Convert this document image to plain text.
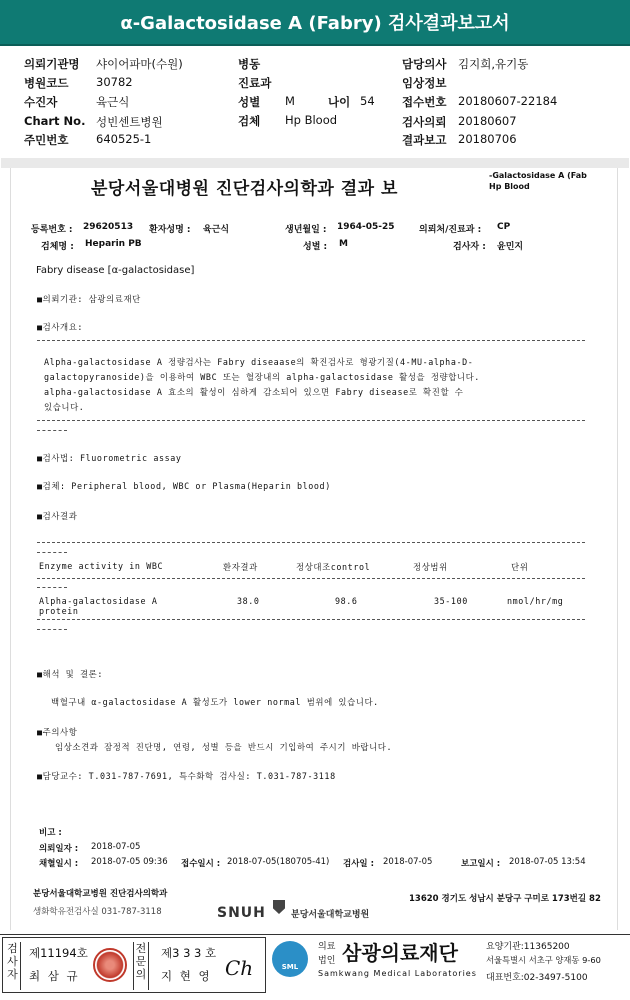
α-Galactosidase A (Fabry) 검사결과보고서
의뢰기관명 샤이어파마(수원)
병원코드 30782
수진자	육근식
Chart No. 성빈센트병원
주민번호 640525-1
병동
진료과
성별 M	나이 54
검체 Hp Blood
담당의사 김지희,유기동
임상정보
접수번호 20180607-22184
검사의뢰 20180607
결과보고 20180706
분당서울대병원 진단검사의학과 결과 보
-Galactosidase A (Fab
Hp Blood
등록번호 : 29620513 환자성명 : 육근식	생년월일 : 1964-05-25	의뢰처/진료과 : CP
검체명 : Heparin PB	성별 : M	검사자 : 윤민지
Fabry disease [α-galactosidase]
■의뢰기관: 삼광의료재단
■검사개요:
Alpha-galactosidase A 정량검사는 Fabry diseaase의 확진검사로 형광기질(4-MU-alpha-D-
galactopyranoside)을 이용하여 WBC 또는 혈장내의 alpha-galactosidase 활성을 정량합니다.
alpha-galactosidase A 효소의 활성이 심하게 감소되어 있으면 Fabry disease로 확진할 수
있습니다.
■검사법: Fluorometric assay
■검체: Peripheral blood, WBC or Plasma(Heparin blood)
■검사결과
Enzyme activity in WBC	환자결과	정상대조control	정상범위	단위
Alpha-galactosidase A	38.0	98.6	35-100	nmol/hr/mg
protein
■해석 및 결론:
백혈구내 α-galactosidase A 활성도가 lower normal 범위에 있습니다.
■주의사항
임상소견과 잠정적 진단명, 연령, 성별 등을 반드시 기입하여 주시기 바랍니다.
■담당교수: T.031-787-7691, 특수화학 검사실: T.031-787-3118
비고 :
의뢰일자 : 2018-07-05
채혈일시 : 2018-07-05 09:36 접수일시 : 2018-07-05(180705-41) 검사일 : 2018-07-05	보고일시 : 2018-07-05 13:54
분당서울대학교병원 진단검사의학과
생화학유전검사실 031-787-3118	SNUH	분당서울대학교병원
13620 경기도 성남시 분당구 구미로 173번길 82
검사자
제11194호
최 삼 규
전문의
제3 3 3 호
지 현 영 Ch	SML
의료
법인 삼광의료재단
Samkwang Medical Laboratories
요양기관:11365200
서울특별시 서초구 양재동 9-60
대표번호:02-3497-5100
